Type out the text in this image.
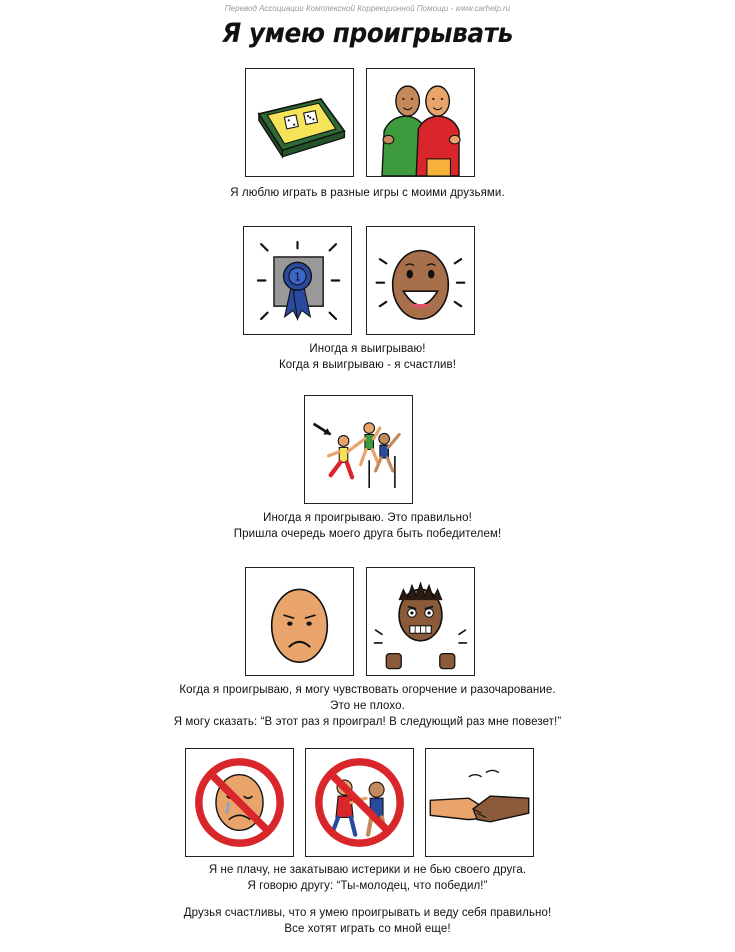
Перевод Ассоциации Комплексной Коррекционной Помощи - www.carhelp.ru
Я умею проигрывать
Я люблю играть в разные игры с моими друзьями.
1
Иногда я выигрываю!
Когда я выигрываю - я счастлив!
Иногда я проигрываю. Это правильно!
Пришла очередь моего друга быть победителем!
Когда я проигрываю, я могу чувствовать огорчение и разочарование.
Это не плохо.
Я могу сказать: “В этот раз я проиграл! В следующий раз мне повезет!”
Я не плачу, не закатываю истерики и не бью своего друга.
Я говорю другу: “Ты-молодец, что победил!”
Друзья счастливы, что я умею проигрывать и веду себя правильно!
Все хотят играть со мной еще!
